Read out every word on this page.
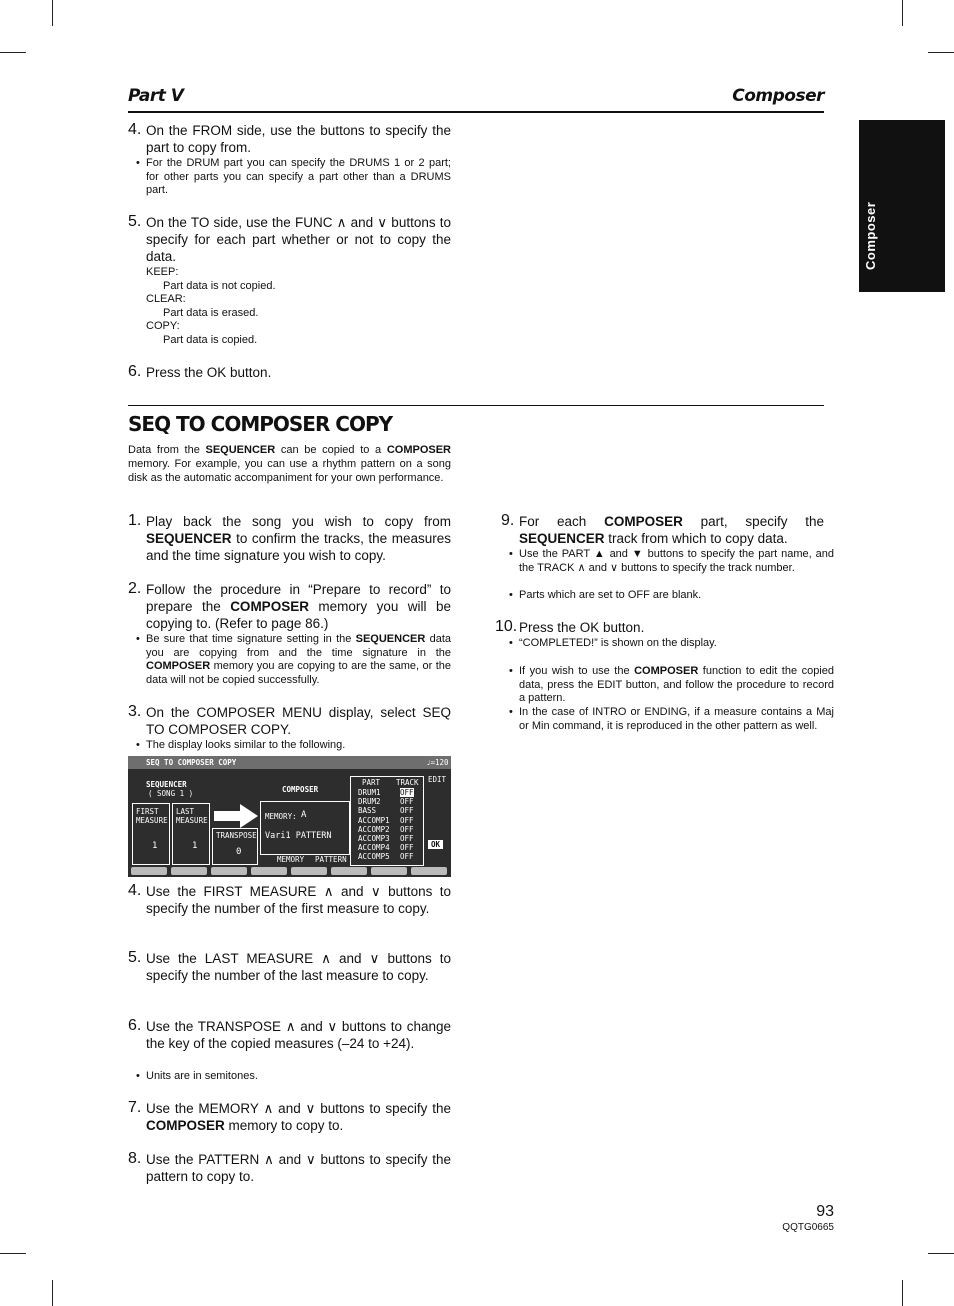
Part V	Composer
Composer
4. On the FROM side, use the buttons to specify the part to copy from.
• For the DRUM part you can specify the DRUMS 1 or 2 part; for other parts you can specify a part other than a DRUMS part.
5. On the TO side, use the FUNC ∧ and ∨ buttons to specify for each part whether or not to copy the data.
KEEP:
Part data is not copied.
CLEAR:
Part data is erased.
COPY:
Part data is copied.
6. Press the OK button.
SEQ TO COMPOSER COPY
Data from the SEQUENCER can be copied to a COMPOSER memory. For example, you can use a rhythm pattern on a song disk as the automatic accompaniment for your own performance.
1. Play back the song you wish to copy from SEQUENCER to confirm the tracks, the measures and the time signature you wish to copy.
2. Follow the procedure in “Prepare to record” to prepare the COMPOSER memory you will be copying to. (Refer to page 86.)
• Be sure that time signature setting in the SEQUENCER data you are copying from and the time signature in the COMPOSER memory you are copying to are the same, or the data will not be copied successfully.
3. On the COMPOSER MENU display, select SEQ TO COMPOSER COPY.
• The display looks similar to the following.
SEQ TO COMPOSER COPY	♩=120
SEQUENCER
( SONG 1 )
FIRST
MEASURE
1
LAST
MEASURE
1
TRANSPOSE
0
COMPOSER
MEMORY: A
Vari1 PATTERN
MEMORY PATTERN
PART TRACK
DRUM1	OFF
DRUM2	OFF
BASS	OFF
ACCOMP1 OFF
ACCOMP2 OFF
ACCOMP3 OFF
ACCOMP4 OFF
ACCOMP5 OFF
EDIT
OK
4. Use the FIRST MEASURE ∧ and ∨ buttons to specify the number of the first measure to copy.
5. Use the LAST MEASURE ∧ and ∨ buttons to specify the number of the last measure to copy.
6. Use the TRANSPOSE ∧ and ∨ buttons to change the key of the copied measures (–24 to +24).
• Units are in semitones.
7. Use the MEMORY ∧ and ∨ buttons to specify the COMPOSER memory to copy to.
8. Use the PATTERN ∧ and ∨ buttons to specify the pattern to copy to.
9. For each COMPOSER part, specify the SEQUENCER track from which to copy data.
• Use the PART ▲ and ▼ buttons to specify the part name, and the TRACK ∧ and ∨ buttons to specify the track number.
• Parts which are set to OFF are blank.
10. Press the OK button.
• “COMPLETED!” is shown on the display.
• If you wish to use the COMPOSER function to edit the copied data, press the EDIT button, and follow the procedure to record a pattern.
• In the case of INTRO or ENDING, if a measure contains a Maj or Min command, it is reproduced in the other pattern as well.
93
QQTG0665
